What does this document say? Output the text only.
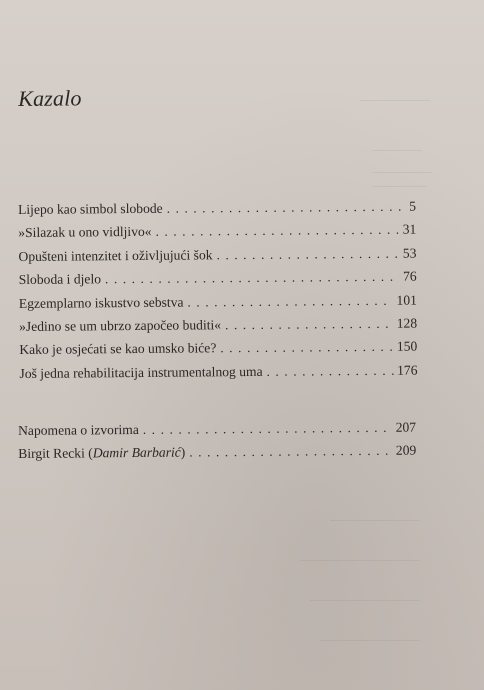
Kazalo
Lijepo kao simbol slobode . . .	5
»Silazak u ono vidljivo« . . .	31
Opušteni intenzitet i oživljujući šok . . .	53
Sloboda i djelo . . .	76
Egzemplarno iskustvo sebstva . . .	101
»Jedino se um ubrzo započeo buditi« . . .	128
Kako je osjećati se kao umsko biće? . . .	150
Još jedna rehabilitacija instrumentalnog uma . . .	176
Napomena o izvorima . . .	207
Birgit Recki (Damir Barbarić) . . .	209
